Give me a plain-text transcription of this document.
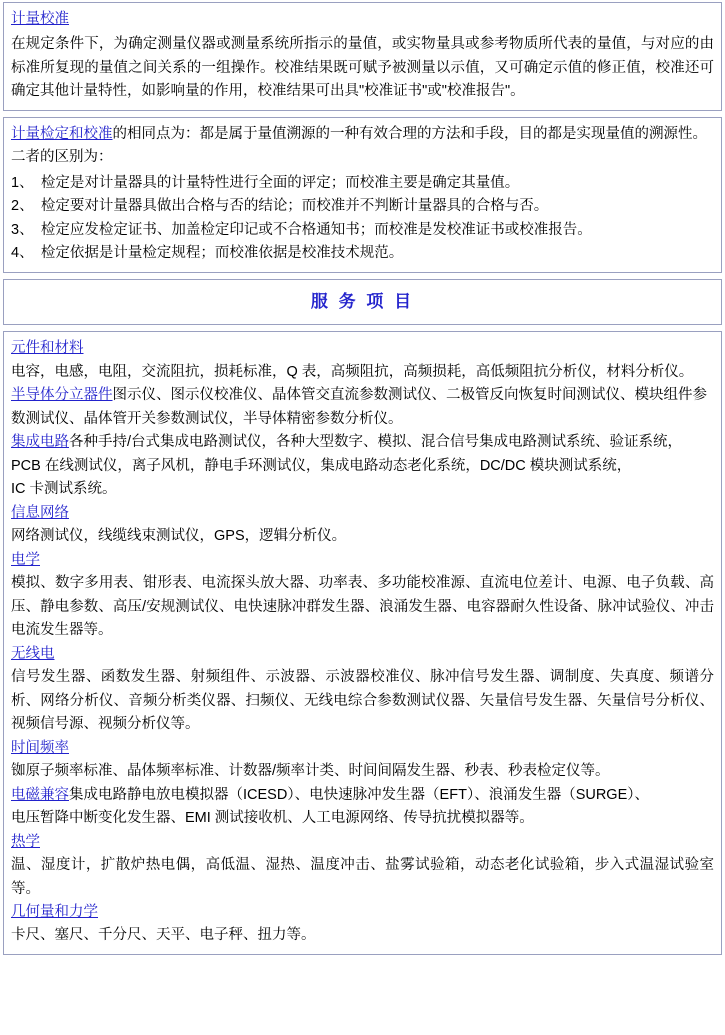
计量校准

在规定条件下，为确定测量仪器或测量系统所指示的量值，或实物量具或参考物质所代表的量值，与对应的由标准所复现的量值之间关系的一组操作。校准结果既可赋予被测量以示值，又可确定示值的修正值，校准还可确定其他计量特性，如影响量的作用，校准结果可出具"校准证书"或"校准报告"。

计量检定和校准的相同点为：都是属于量值溯源的一种有效合理的方法和手段，目的都是实现量值的溯源性。二者的区别为：

1、　检定是对计量器具的计量特性进行全面的评定；而校准主要是确定其量值。

2、　检定要对计量器具做出合格与否的结论；而校准并不判断计量器具的合格与否。

3、　检定应发检定证书、加盖检定印记或不合格通知书；而校准是发校准证书或校准报告。

4、　检定依据是计量检定规程；而校准依据是校准技术规范。

服 务 项 目
元件和材料

电容，电感，电阻，交流阻抗，损耗标准，Q 表，高频阻抗，高频损耗，高低频阻抗分析仪，材料分析仪。

半导体分立器件图示仪、图示仪校准仪、晶体管交直流参数测试仪、二极管反向恢复时间测试仪、模块组件参数测试仪、晶体管开关参数测试仪，半导体精密参数分析仪。
集成电路各种手持/台式集成电路测试仪，各种大型数字、模拟、混合信号集成电路测试系统、验证系统， PCB 在线测试仪，离子风机，静电手环测试仪，集成电路动态老化系统，DC/DC 模块测试系统，

IC 卡测试系统。

信息网络

网络测试仪，线缆线束测试仪，GPS，逻辑分析仪。

电学

模拟、数字多用表、钳形表、电流探头放大器、功率表、多功能校准源、直流电位差计、电源、电子负载、高压、静电参数、高压/安规测试仪、电快速脉冲群发生器、浪涌发生器、电容器耐久性设备、脉冲试验仪、冲击电流发生器等。

无线电

信号发生器、函数发生器、射频组件、示波器、示波器校准仪、脉冲信号发生器、调制度、失真度、频谱分析、网络分析仪、音频分析类仪器、扫频仪、无线电综合参数测试仪器、矢量信号发生器、矢量信号分析仪、视频信号源、视频分析仪等。

时间频率

铷原子频率标准、晶体频率标准、计数器/频率计类、时间间隔发生器、秒表、秒表检定仪等。

电磁兼容集成电路静电放电模拟器（ICESD）、电快速脉冲发生器（EFT）、浪涌发生器（SURGE）、

电压暂降中断变化发生器、EMI 测试接收机、人工电源网络、传导抗扰模拟器等。

热学

温、湿度计，扩散炉热电偶，高低温、湿热、温度冲击、盐雾试验箱，动态老化试验箱，步入式温湿试验室等。

几何量和力学

卡尺、塞尺、千分尺、天平、电子秤、扭力等。
